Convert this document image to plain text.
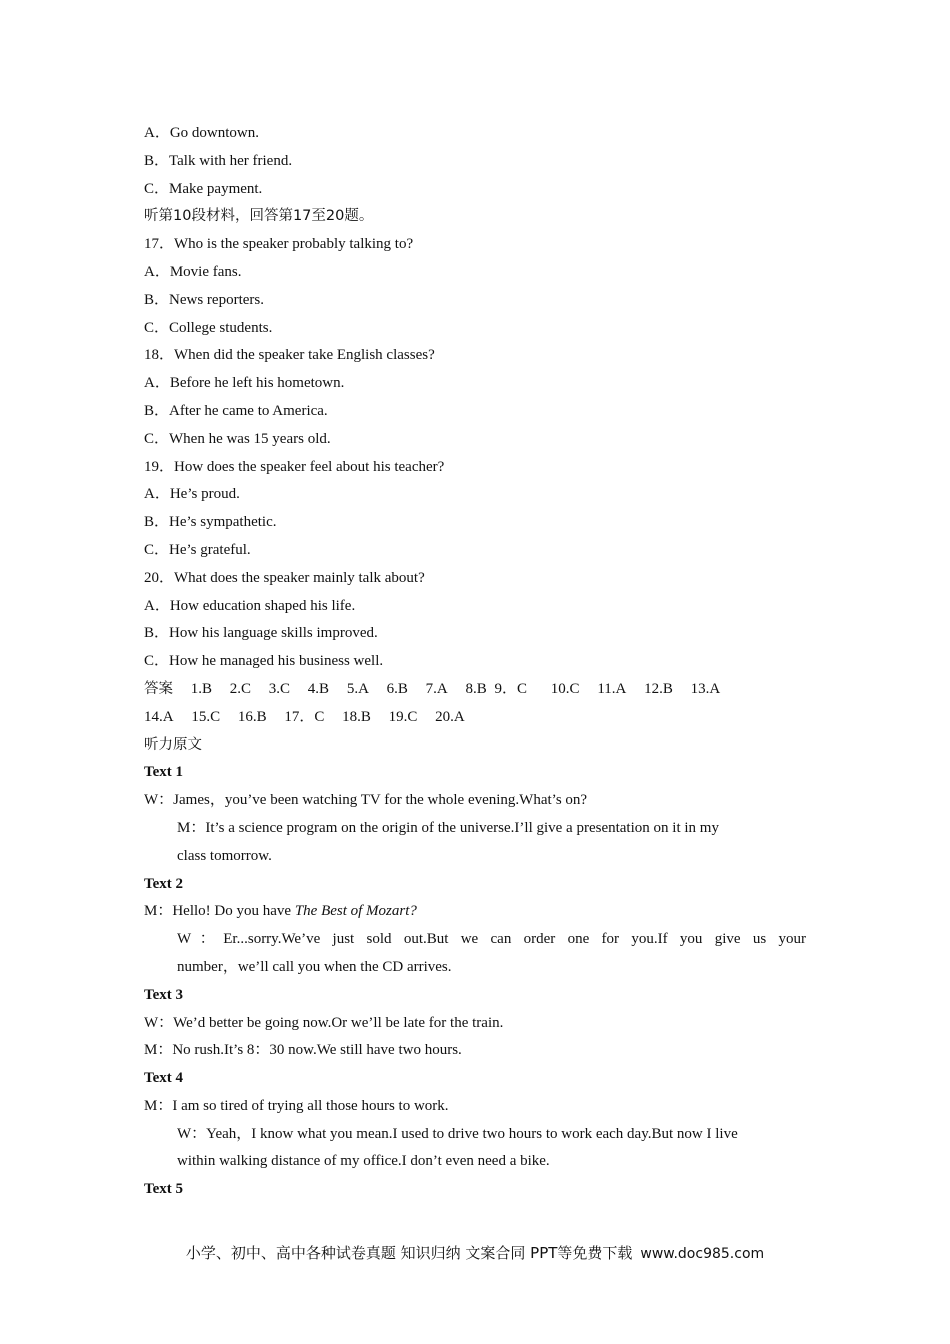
A．Go downtown.
B．Talk with her friend.
C．Make payment.
听第10段材料，回答第17至20题。
17．Who is the speaker probably talking to?
A．Movie fans.
B．News reporters.
C．College students.
18．When did the speaker take English classes?
A．Before he left his hometown.
B．After he came to America.
C．When he was 15 years old.
19．How does the speaker feel about his teacher?
A．He’s proud.
B．He’s sympathetic.
C．He’s grateful.
20．What does the speaker mainly talk about?
A．How education shaped his life.
B．How his language skills improved.
C．How he managed his business well.
答案 1.B 2.C 3.C 4.B 5.A 6.B 7.A 8.B 9．C 10.C 11.A 12.B 13.A
14.A 15.C 16.B 17．C 18.B 19.C 20.A
听力原文
Text 1
W：James，you’ve been watching TV for the whole evening.What’s on?
M：It’s a science program on the origin of the universe.I’ll give a presentation on it in my
class tomorrow.
Text 2
M：Hello! Do you have The Best of Mozart?
W：Er...sorry.We’ve just sold out.But we can order one for you.If you give us your
number，we’ll call you when the CD arrives.
Text 3
W：We’d better be going now.Or we’ll be late for the train.
M：No rush.It’s 8：30 now.We still have two hours.
Text 4
M：I am so tired of trying all those hours to work.
W：Yeah，I know what you mean.I used to drive two hours to work each day.But now I live
within walking distance of my office.I don’t even need a bike.
Text 5
小学、初中、高中各种试卷真题 知识归纳 文案合同 PPT等免费下载 www.doc985.com
